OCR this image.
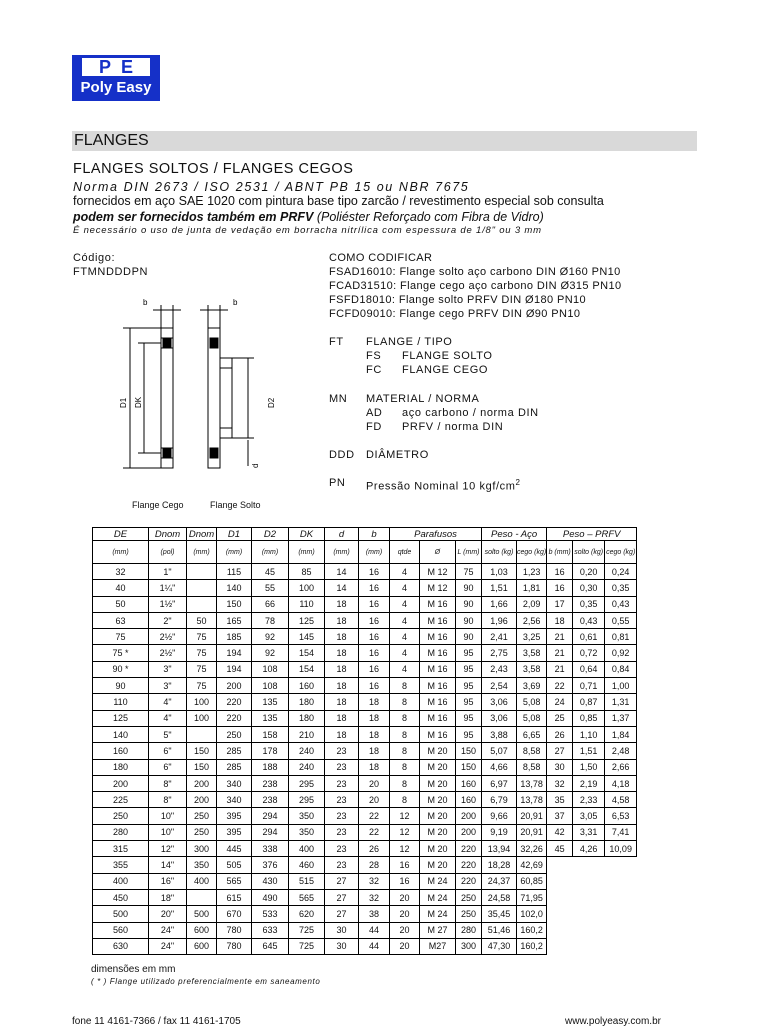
PE
Poly Easy
FLANGES
FLANGES SOLTOS / FLANGES CEGOS
Norma DIN 2673 / ISO 2531 / ABNT PB 15 ou NBR 7675
fornecidos em aço SAE 1020 com pintura base tipo zarcão / revestimento especial sob consulta
podem ser fornecidos também em PRFV (Poliéster Reforçado com Fibra de Vidro)
É necessário o uso de junta de vedação em borracha nitrílica com espessura de 1/8" ou 3 mm
Código:
FTMNDDDPN
COMO CODIFICAR
FSAD16010: Flange solto aço carbono DIN Ø160 PN10
FCAD31510: Flange cego aço carbono DIN Ø315 PN10
FSFD18010: Flange solto PRFV DIN Ø180 PN10
FCFD09010: Flange cego PRFV DIN Ø90 PN10
FT FLANGE / TIPO
FS FLANGE SOLTO
FC FLANGE CEGO
MN MATERIAL / NORMA
AD aço carbono / norma DIN
FD PRFV / norma DIN
DDD DIÂMETRO
PN Pressão Nominal 10 kgf/$cm^2$
b	b
D1 DK	D2
d
Flange Cego	Flange Solto
DE	Dnom	Dnom	D1	D2	DK	d	b	Parafusos			Peso - Aço		Peso – PRFV		
(mm)	(pol)	(mm)	(mm)	(mm)	(mm)	(mm)	(mm)	qtde	Ø	L (mm)	solto (kg)	cego (kg)	b (mm)	solto (kg)	cego (kg)
32	1"		115	45	85	14	16	4	M 12	75	1,03	1,23	16	0,20	0,24
40	1¼"		140	55	100	14	16	4	M 12	90	1,51	1,81	16	0,30	0,35
50	1½"		150	66	110	18	16	4	M 16	90	1,66	2,09	17	0,35	0,43
63	2"	50	165	78	125	18	16	4	M 16	90	1,96	2,56	18	0,43	0,55
75	2½"	75	185	92	145	18	16	4	M 16	90	2,41	3,25	21	0,61	0,81
75 *	2½"	75	194	92	154	18	16	4	M 16	95	2,75	3,58	21	0,72	0,92
90 *	3"	75	194	108	154	18	16	4	M 16	95	2,43	3,58	21	0,64	0,84
90	3"	75	200	108	160	18	16	8	M 16	95	2,54	3,69	22	0,71	1,00
110	4"	100	220	135	180	18	18	8	M 16	95	3,06	5,08	24	0,87	1,31
125	4"	100	220	135	180	18	18	8	M 16	95	3,06	5,08	25	0,85	1,37
140	5"		250	158	210	18	18	8	M 16	95	3,88	6,65	26	1,10	1,84
160	6"	150	285	178	240	23	18	8	M 20	150	5,07	8,58	27	1,51	2,48
180	6"	150	285	188	240	23	18	8	M 20	150	4,66	8,58	30	1,50	2,66
200	8"	200	340	238	295	23	20	8	M 20	160	6,97	13,78	32	2,19	4,18
225	8"	200	340	238	295	23	20	8	M 20	160	6,79	13,78	35	2,33	4,58
250	10"	250	395	294	350	23	22	12	M 20	200	9,66	20,91	37	3,05	6,53
280	10"	250	395	294	350	23	22	12	M 20	200	9,19	20,91	42	3,31	7,41
315	12"	300	445	338	400	23	26	12	M 20	220	13,94	32,26	45	4,26	10,09
355	14"	350	505	376	460	23	28	16	M 20	220	18,28	42,69			
400	16"	400	565	430	515	27	32	16	M 24	220	24,37	60,85			
450	18"		615	490	565	27	32	20	M 24	250	24,58	71,95			
500	20"	500	670	533	620	27	38	20	M 24	250	35,45	102,0			
560	24"	600	780	633	725	30	44	20	M 27	280	51,46	160,2			
630	24"	600	780	645	725	30	44	20	M27	300	47,30	160,2			
dimensões em mm
( * ) Flange utilizado preferencialmente em saneamento
fone 11 4161-7366 / fax 11 4161-1705	www.polyeasy.com.br
